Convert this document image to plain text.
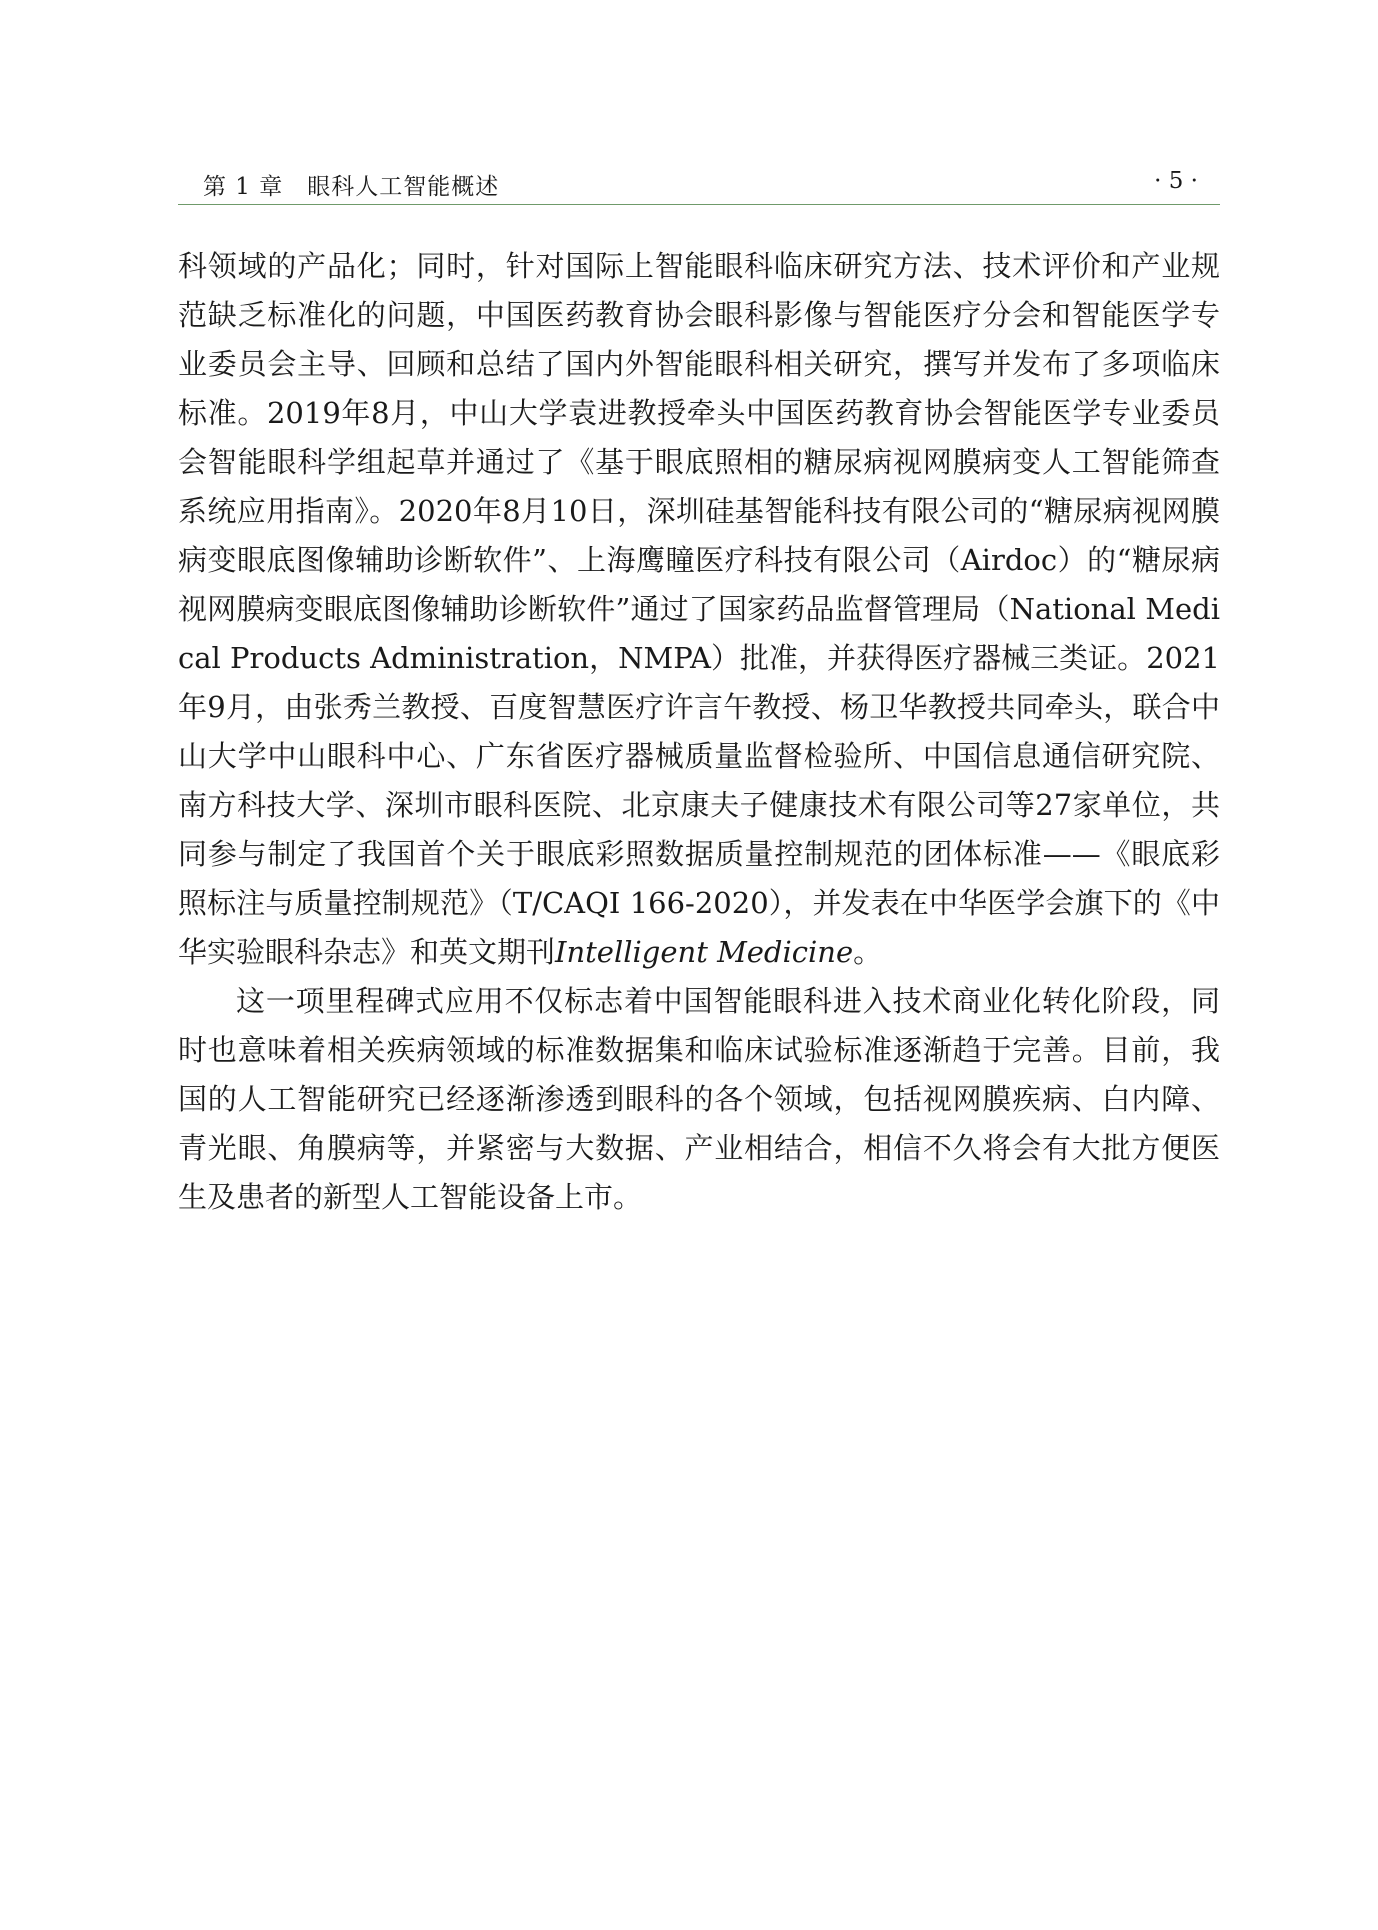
第 1 章　眼科人工智能概述	· 5 ·

科领域的产品化；同时，针对国际上智能眼科临床研究方法、技术评价和产业规范缺乏标准化的问题，中国医药教育协会眼科影像与智能医疗分会和智能医学专业委员会主导、回顾和总结了国内外智能眼科相关研究，撰写并发布了多项临床标准。2019年8月，中山大学袁进教授牵头中国医药教育协会智能医学专业委员会智能眼科学组起草并通过了《基于眼底照相的糖尿病视网膜病变人工智能筛查系统应用指南》。2020年8月10日，深圳硅基智能科技有限公司的“糖尿病视网膜病变眼底图像辅助诊断软件”、上海鹰瞳医疗科技有限公司（Airdoc）的“糖尿病视网膜病变眼底图像辅助诊断软件”通过了国家药品监督管理局（National Medical Products Administration，NMPA）批准，并获得医疗器械三类证。2021年9月，由张秀兰教授、百度智慧医疗许言午教授、杨卫华教授共同牵头，联合中山大学中山眼科中心、广东省医疗器械质量监督检验所、中国信息通信研究院、南方科技大学、深圳市眼科医院、北京康夫子健康技术有限公司等27家单位，共同参与制定了我国首个关于眼底彩照数据质量控制规范的团体标准——《眼底彩照标注与质量控制规范》（T/CAQI 166-2020），并发表在中华医学会旗下的《中华实验眼科杂志》和英文期刊Intelligent Medicine。

这一项里程碑式应用不仅标志着中国智能眼科进入技术商业化转化阶段，同时也意味着相关疾病领域的标准数据集和临床试验标准逐渐趋于完善。目前，我国的人工智能研究已经逐渐渗透到眼科的各个领域，包括视网膜疾病、白内障、青光眼、角膜病等，并紧密与大数据、产业相结合，相信不久将会有大批方便医生及患者的新型人工智能设备上市。
